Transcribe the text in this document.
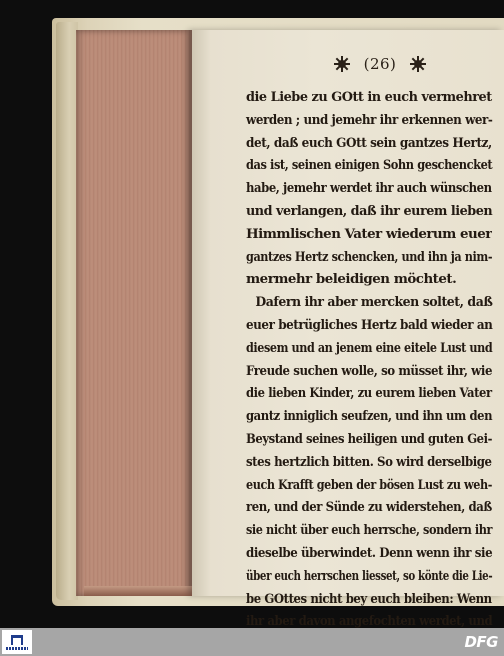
(26)
die Liebe zu GOtt in euch vermehret
werden ; und jemehr ihr erkennen wer-
det, daß euch GOtt sein gantzes Hertz,
das ist, seinen einigen Sohn geschencket
habe, jemehr werdet ihr auch wünschen
und verlangen, daß ihr eurem lieben
Himmlischen Vater wiederum euer
gantzes Hertz schencken, und ihn ja nim-
mermehr beleidigen möchtet.
Dafern ihr aber mercken soltet, daß
euer betrügliches Hertz bald wieder an
diesem und an jenem eine eitele Lust und
Freude suchen wolle, so müsset ihr, wie
die lieben Kinder, zu eurem lieben Vater
gantz inniglich seufzen, und ihn um den
Beystand seines heiligen und guten Gei-
stes hertzlich bitten. So wird derselbige
euch Krafft geben der bösen Lust zu weh-
ren, und der Sünde zu widerstehen, daß
sie nicht über euch herrsche, sondern ihr
dieselbe überwindet. Denn wenn ihr sie
über euch herrschen liesset, so könte die Lie-
be GOttes nicht bey euch bleiben: Wenn
ihr aber davon angefochten werdet, und
DFG
